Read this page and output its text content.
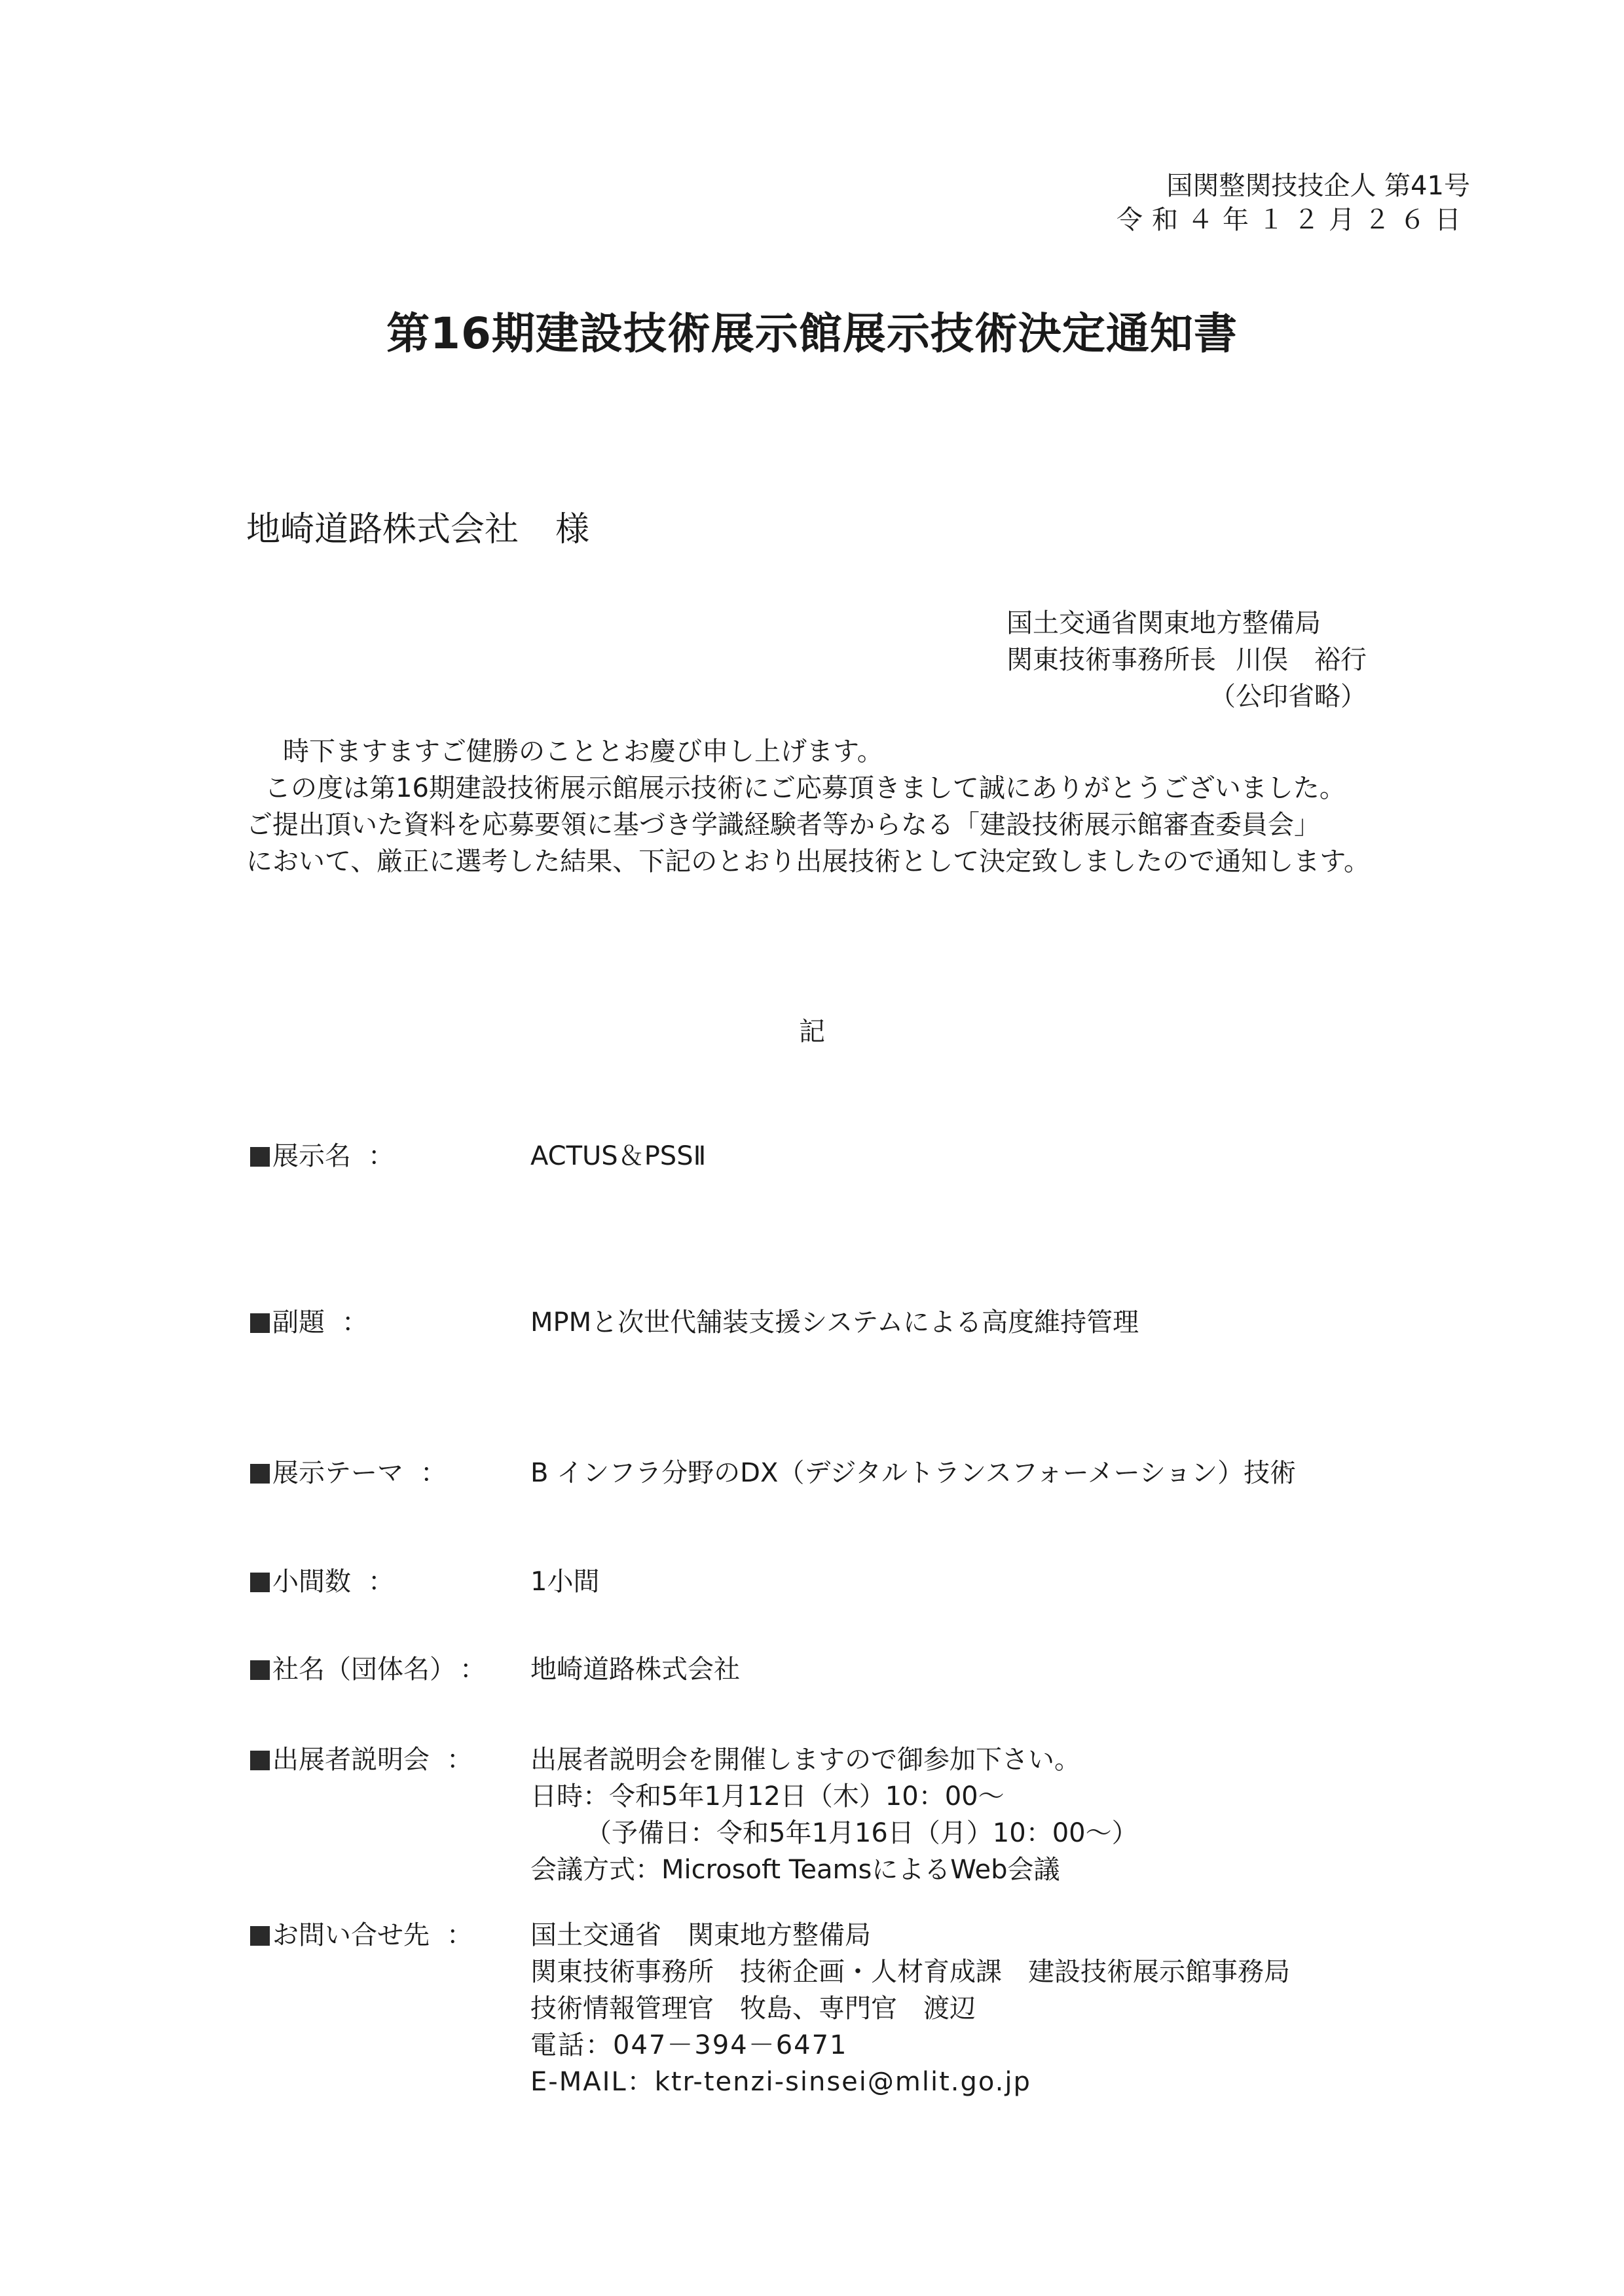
国関整関技技企人 第41号
令和４年１２月２６日
第16期建設技術展示館展示技術決定通知書
地崎道路株式会社 様
国土交通省関東地方整備局
関東技術事務所長 川俣　裕行
（公印省略）

時下ますますご健勝のこととお慶び申し上げます。

この度は第16期建設技術展示館展示技術にご応募頂きまして誠にありがとうございました。

ご提出頂いた資料を応募要領に基づき学識経験者等からなる「建設技術展示館審査委員会」

において、厳正に選考した結果、下記のとおり出展技術として決定致しましたので通知します。

記
展示名 ：	ACTUS＆PSSⅡ
副題 ：	MPMと次世代舗装支援システムによる高度維持管理
展示テーマ ：	B インフラ分野のDX（デジタルトランスフォーメーション）技術
小間数 ：	1小間
社名（団体名） ： 地崎道路株式会社
出展者説明会 ： 出展者説明会を開催しますので御参加下さい。
日時：令和5年1月12日（木）10：00～
（予備日：令和5年1月16日（月）10：00～）
会議方式：Microsoft TeamsによるWeb会議
お問い合せ先 ： 国土交通省　関東地方整備局
関東技術事務所　技術企画・人材育成課　建設技術展示館事務局
技術情報管理官　牧島、専門官　渡辺
電話：047－394－6471
E-MAIL：ktr-tenzi-sinsei@mlit.go.jp
